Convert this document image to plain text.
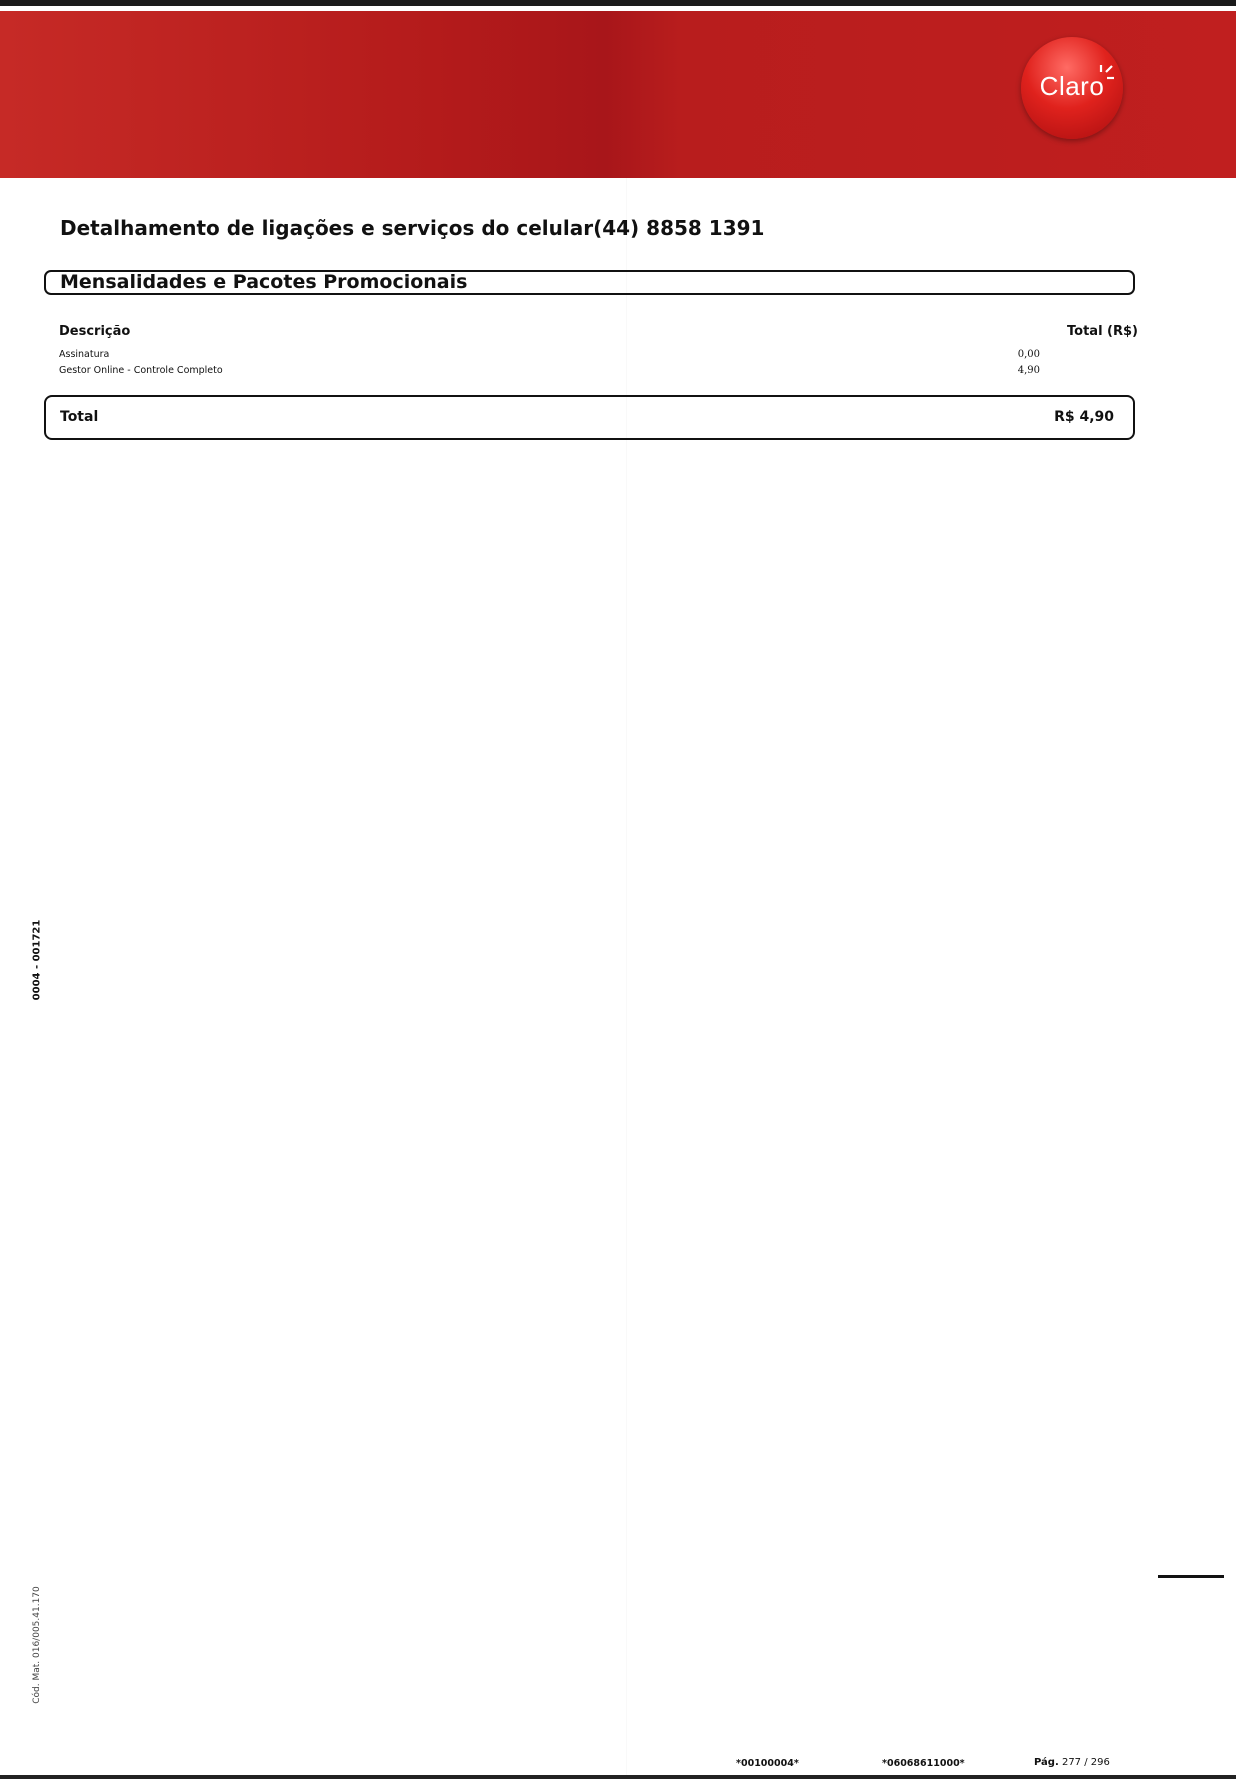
Claro
Detalhamento de ligações e serviços do celular(44) 8858 1391
Mensalidades e Pacotes Promocionais
Descrição	Total (R$)
Assinatura	0,00
Gestor Online - Controle Completo	4,90
Total	R$ 4,90
0004 - 001721
Cód. Mat. 016/005.41.170
*00100004*	*06068611000*	Pág. 277 / 296
